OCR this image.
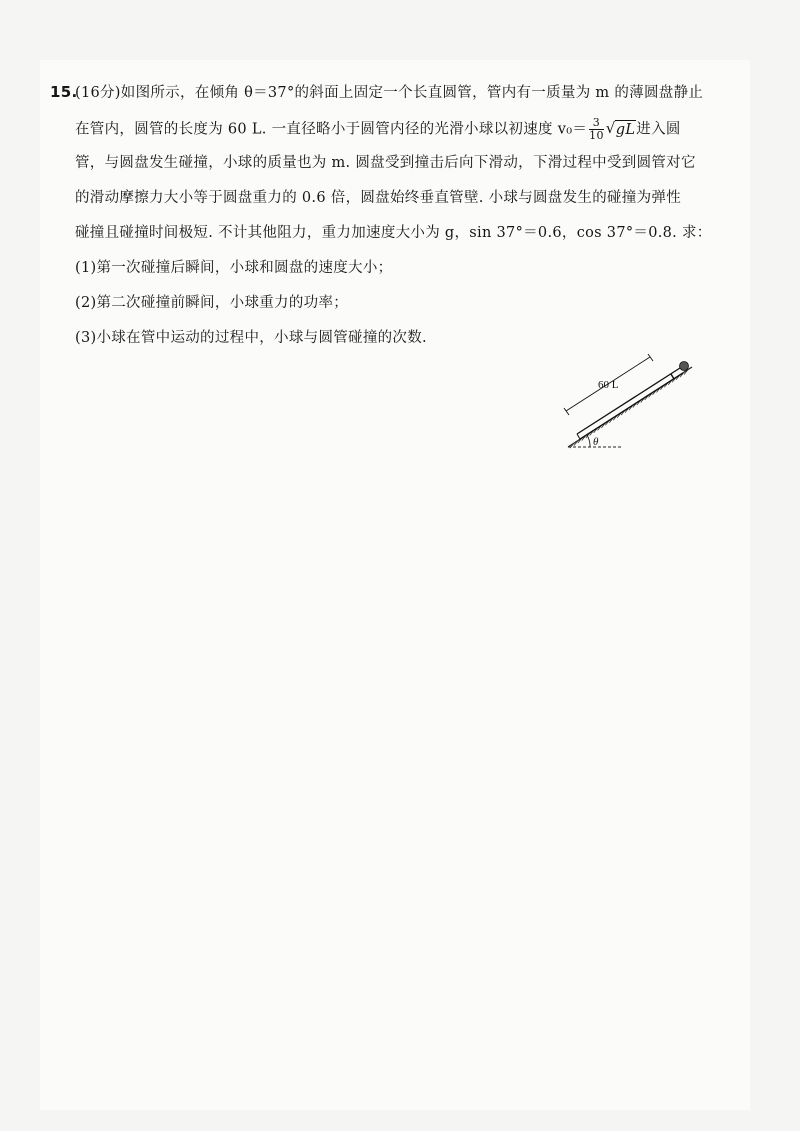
15.(16分)如图所示，在倾角 θ＝37°的斜面上固定一个长直圆管，管内有一质量为 m 的薄圆盘静止

在管内，圆管的长度为 60 L. 一直径略小于圆管内径的光滑小球以初速度 $v_0= \frac{3}{10}$
√ gL进入圆

管，与圆盘发生碰撞，小球的质量也为 m. 圆盘受到撞击后向下滑动，下滑过程中受到圆管对它

的滑动摩擦力大小等于圆盘重力的 0.6 倍，圆盘始终垂直管壁. 小球与圆盘发生的碰撞为弹性

碰撞且碰撞时间极短. 不计其他阻力，重力加速度大小为 g，sin 37°＝0.6，cos 37°＝0.8. 求：

(1)第一次碰撞后瞬间，小球和圆盘的速度大小；

(2)第二次碰撞前瞬间，小球重力的功率；

(3)小球在管中运动的过程中，小球与圆管碰撞的次数.

60 L
θ
